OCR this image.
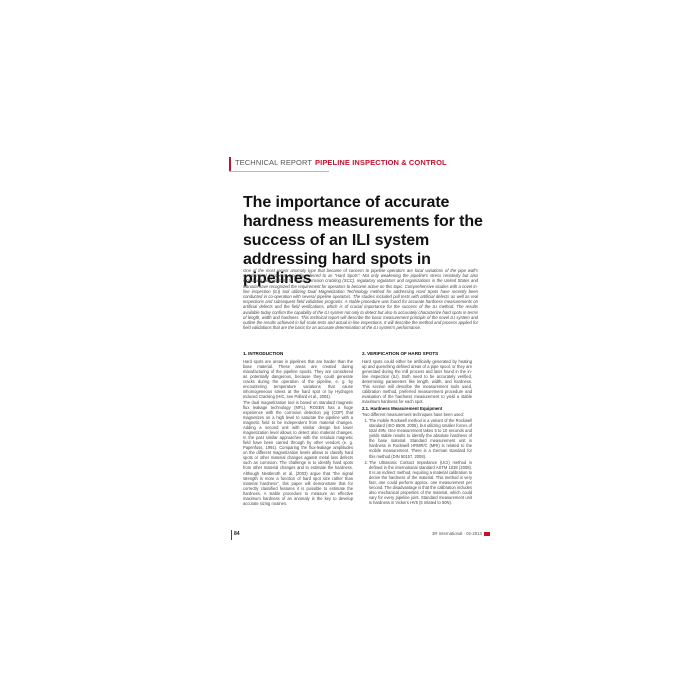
TECHNICAL REPORT PIPELINE INSPECTION & CONTROL
The importance of accurate hardness measurements for the success of an ILI system addressing hard spots in pipelines

One of the most recent anomaly type that became of concern to pipeline operators are local variations of the pipe wall's metallurgical hardness, typically referred to as "Hard Spots". Not only weakening the pipeline's stress resistivity but also increasing susceptibility to stress corrosion cracking (SCC), regulatory regulators and organizations in the United States and Canada have recognized the requirement for operators to become active on this topic. Comprehensive studies with a novel in-line inspection (ILI) tool utilizing Dual Magnetization Technology method for addressing Hard Spots have recently been conducted in co-operation with several pipeline operators. The studies included pull tests with artificial defects as well as real inspections and subsequent field validation programs. A stable procedure was found for accurate hardness measurements on artificial defects and the field verifications, which is of crucial importance for the success of the ILI method. The results available today confirm the capability of the ILI system not only to detect but also to accurately characterize hard spots in terms of length, width and hardness. This technical report will describe the basic measurement principle of the novel ILI system and outline the results achieved in full scale tests and actual in-line inspections. It will describe the method and process applied for field validations that are the basis for an accurate determination of the ILI system's performance.

1. INTRODUCTION

Hard spots are areas in pipelines that are harder than the base material. These areas are created during manufacturing of the pipeline spools. They are considered as potentially dangerous, because they could generate cracks during the operation of the pipeline, e. g. by encountering temperature variations that cause inhomogeneous stress at the hard spot or by Hydrogen Induced Cracking (HIC, see Pollard et al., 2004).

The dual magnetization tool is based on standard magnetic flux leakage technology (MFL). ROSEN has a huge experience with the corrosion detection pig (CDP) that magnetizes on a high level to saturate the pipeline with a magnetic field to be independent from material changes. Adding a second unit with similar design but lower magnetization level allows to detect also material changes. In the past similar approaches with the residual magnetic field have been carried through by other vendors (e. g. Papenfuss, 1991). Comparing the flux-leakage amplitudes on the different magnetization levels allows to classify hard spots or other material changes against metal loss defects such as corrosion. The challenge is to identify hard spots from other material changes and to estimate the hardness. Although Nestleroth et al. (2003) argue that "the signal strength is more a function of hard spot size rather than material hardness", this paper will demonstrate that for correctly classified features it is possible to estimate the hardness. A stable procedure to measure an effective maximum hardness of an anomaly is the key to develop accurate sizing routines.

2. VERIFICATION OF HARD SPOTS

Hard spots could either be artificially generated by heating up and quenching defined areas of a pipe spool, or they are generated during the mill process and later found in the in-line inspection (ILI). Both need to be accurately verified, determining parameters like length, width, and hardness. This section will describe the measurement tools used, calibration method, preferred measurement procedure and evaluation of the hardness measurement to yield a stable maximum hardness for each spot.

2.1. Hardness Measurement Equipment

Two different measurement techniques have been used:

1. The mobile Rockwell method is a variant of the Rockwell standard (ISO 6508, 2005), but utilizing smaller forces of total 49N. One measurement takes 5 to 10 seconds and yields stable results to identify the absolute hardness of the base material. Standard measurement unit is hardness in Rockwell HRMR/C (MRI) is related to the mobile measurement. There is a German standard for this method (DIN 50157, 2008).
2. The Ultrasonic Contact Impedance (UCI) method is defined in the international standard ASTM 1038 (2008). It is an indirect method, requiring a material calibration to derive the hardness of the material. This method is very fast, one could perform approx. one measurement per second. The disadvantage is that the calibration includes also mechanical properties of the material, which could vary for every pipeline joint. Standard measurement unit is hardness in Vickers HV5 (5 related to 50N).
84	3R International · 02-2013
